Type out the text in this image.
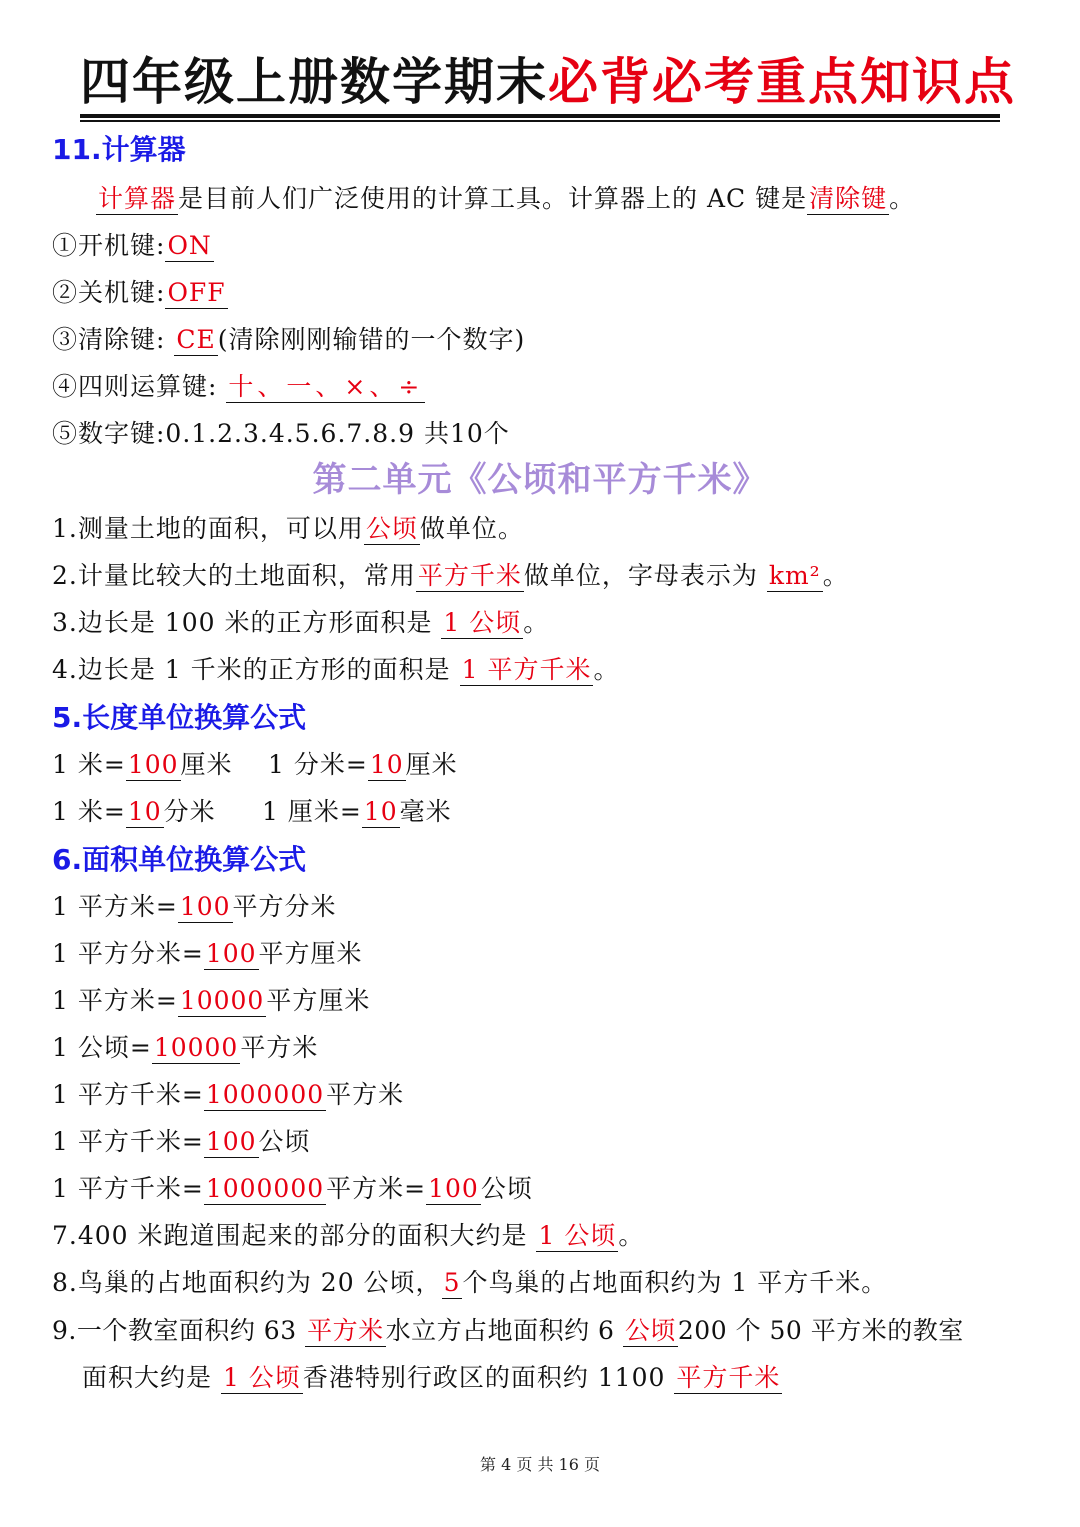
四年级上册数学期末必背必考重点知识点
11.计算器
计算器是目前人们广泛使用的计算工具。计算器上的 AC 键是清除键。
①开机键:ON
②关机键:OFF
③清除键: CE(清除刚刚输错的一个数字)
④四则运算键: 十、一、×、÷
⑤数字键:0.1.2.3.4.5.6.7.8.9 共10个
第二单元《公顷和平方千米》
1.测量土地的面积，可以用公顷做单位。
2.计量比较大的土地面积，常用平方千米做单位，字母表示为 km²。
3.边长是 100 米的正方形面积是 1 公顷。
4.边长是 1 千米的正方形的面积是 1 平方千米。
5.长度单位换算公式
1 米=100厘米 1 分米=10厘米
1 米=10分米 1 厘米=10毫米
6.面积单位换算公式
1 平方米=100平方分米
1 平方分米=100平方厘米
1 平方米=10000平方厘米
1 公顷=10000平方米
1 平方千米=1000000平方米
1 平方千米=100公顷
1 平方千米=1000000平方米=100公顷
7.400 米跑道围起来的部分的面积大约是 1 公顷。
8.鸟巢的占地面积约为 20 公顷，5个鸟巢的占地面积约为 1 平方千米。
9.一个教室面积约 63 平方米水立方占地面积约 6 公顷200 个 50 平方米的教室
面积大约是 1 公顷香港特别行政区的面积约 1100 平方千米
第 4 页 共 16 页
